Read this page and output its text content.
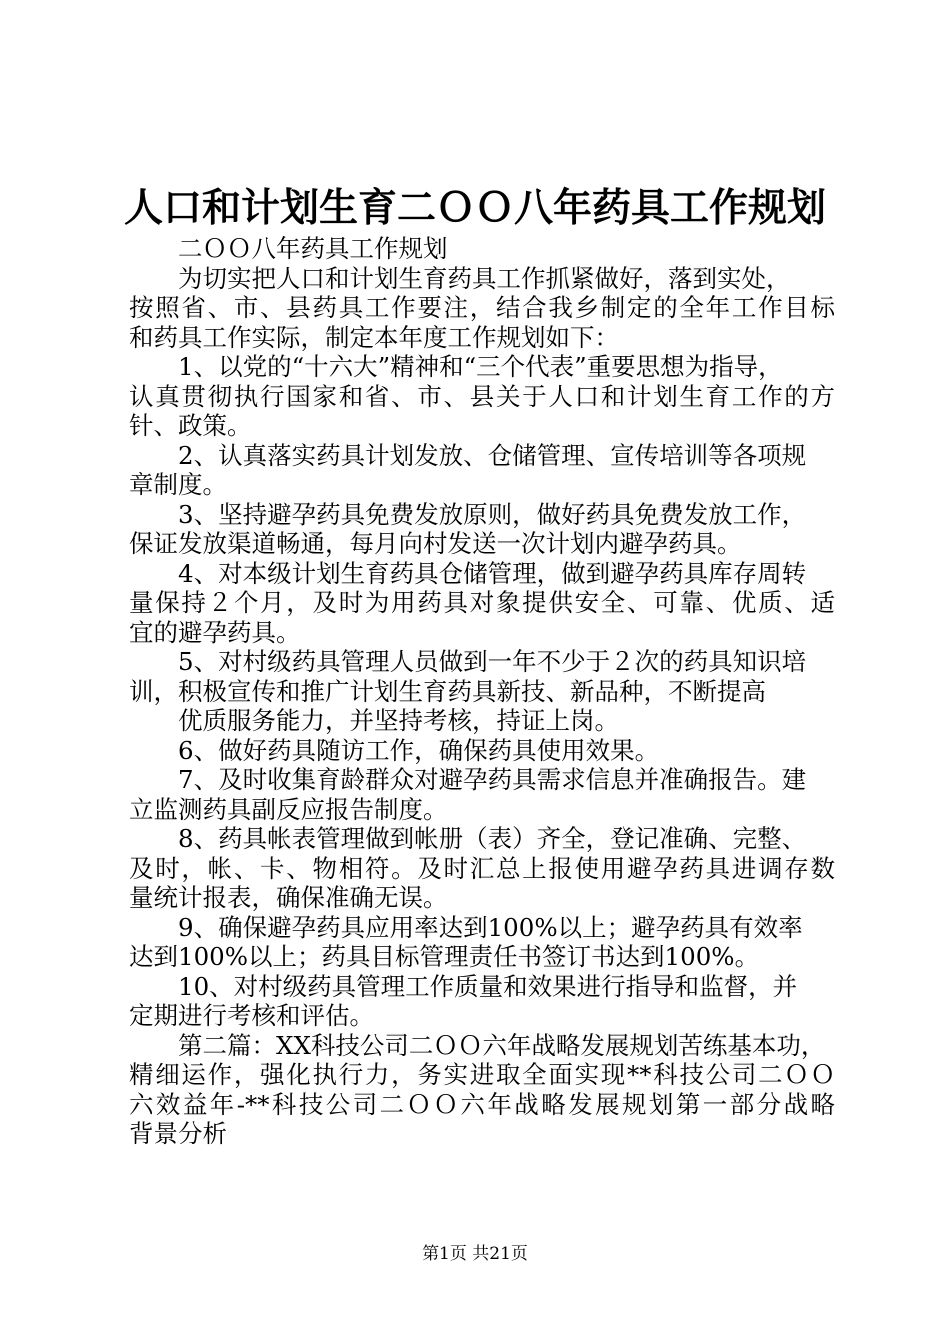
人口和计划生育二ＯＯ八年药具工作规划
二ＯＯ八年药具工作规划
为切实把人口和计划生育药具工作抓紧做好，落到实处，
按照省、市、县药具工作要注，结合我乡制定的全年工作目标
和药具工作实际，制定本年度工作规划如下：
1、以党的“十六大”精神和“三个代表”重要思想为指导，
认真贯彻执行国家和省、市、县关于人口和计划生育工作的方
针、政策。
2、认真落实药具计划发放、仓储管理、宣传培训等各项规
章制度。
3、坚持避孕药具免费发放原则，做好药具免费发放工作，
保证发放渠道畅通，每月向村发送一次计划内避孕药具。
4、对本级计划生育药具仓储管理，做到避孕药具库存周转
量保持２个月，及时为用药具对象提供安全、可靠、优质、适
宜的避孕药具。
5、对村级药具管理人员做到一年不少于２次的药具知识培
训，积极宣传和推广计划生育药具新技、新品种，不断提高
优质服务能力，并坚持考核，持证上岗。
6、做好药具随访工作，确保药具使用效果。
7、及时收集育龄群众对避孕药具需求信息并准确报告。建
立监测药具副反应报告制度。
8、药具帐表管理做到帐册（表）齐全，登记准确、完整、
及时，帐、卡、物相符。及时汇总上报使用避孕药具进调存数
量统计报表，确保准确无误。
9、确保避孕药具应用率达到100%以上；避孕药具有效率
达到100%以上；药具目标管理责任书签订书达到100%。
10、对村级药具管理工作质量和效果进行指导和监督，并
定期进行考核和评估。
第二篇：XX科技公司二ＯＯ六年战略发展规划苦练基本功，
精细运作，强化执行力，务实进取全面实现**科技公司二ＯＯ
六效益年-**科技公司二ＯＯ六年战略发展规划第一部分战略
背景分析
第1页 共21页
